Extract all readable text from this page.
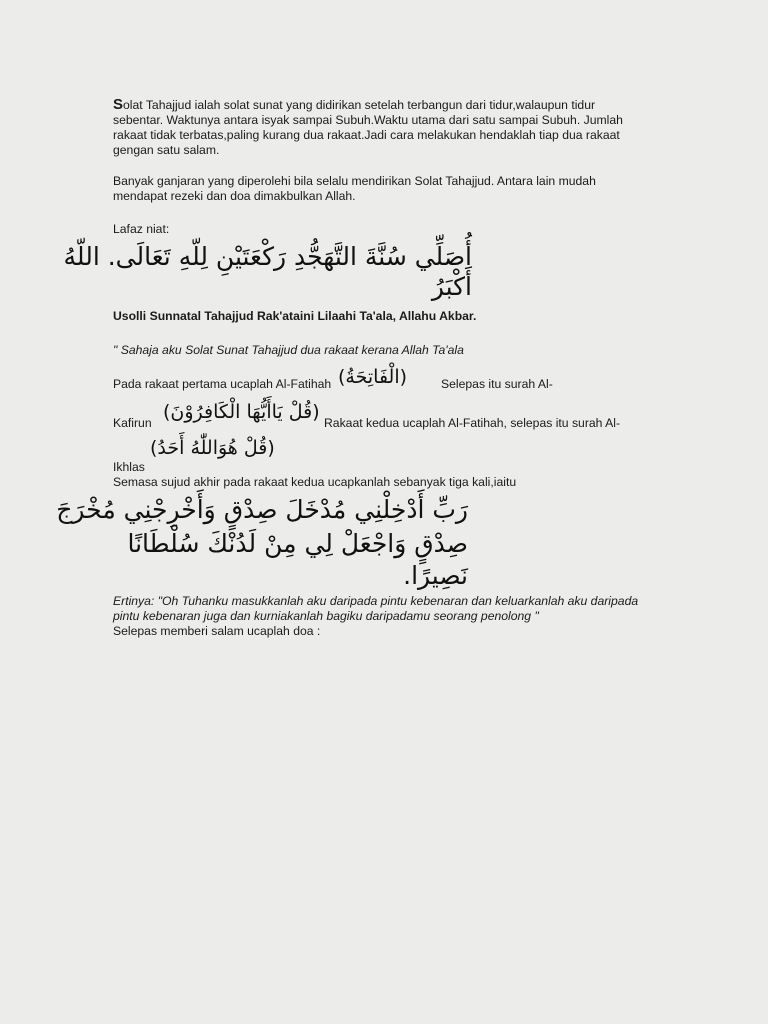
Solat Tahajjud ialah solat sunat yang didirikan setelah terbangun dari tidur,walaupun tidur
sebentar. Waktunya antara isyak sampai Subuh.Waktu utama dari satu sampai Subuh. Jumlah
rakaat tidak terbatas,paling kurang dua rakaat.Jadi cara melakukan hendaklah tiap dua rakaat
gengan satu salam.
Banyak ganjaran yang diperolehi bila selalu mendirikan Solat Tahajjud. Antara lain mudah
mendapat rezeki dan doa dimakbulkan Allah.
Lafaz niat:
أُصَلِّي سُنَّةَ التَّهَجُّدِ رَكْعَتَيْنِ لِلّهِ تَعَالَى. اللّهُ
أَكْبَرُ
Usolli Sunnatal Tahajjud Rak'ataini Lilaahi Ta'ala, Allahu Akbar.
" Sahaja aku Solat Sunat Tahajjud dua rakaat kerana Allah Ta'ala
Pada rakaat pertama ucaplah Al-Fatihah (الْفَاتِحَةُ)	Selepas itu surah Al-
Kafirun (قُلْ يَاأَيُّهَا الْكَافِرُوْنَ) Rakaat kedua ucaplah Al-Fatihah, selepas itu surah Al-
(قُلْ هُوَاللّٰهُ أَحَدُ)
Ikhlas
Semasa sujud akhir pada rakaat kedua ucapkanlah sebanyak tiga kali,iaitu
رَبِّ أَدْخِلْنِي مُدْخَلَ صِدْقٍ وَأَخْرِجْنِي مُخْرَجَ
صِدْقٍ وَاجْعَلْ لِي مِنْ لَدُنْكَ سُلْطَانًا
نَصِيرًا.
Ertinya: "Oh Tuhanku masukkanlah aku daripada pintu kebenaran dan keluarkanlah aku daripada
pintu kebenaran juga dan kurniakanlah bagiku daripadamu seorang penolong "
Selepas memberi salam ucaplah doa :
